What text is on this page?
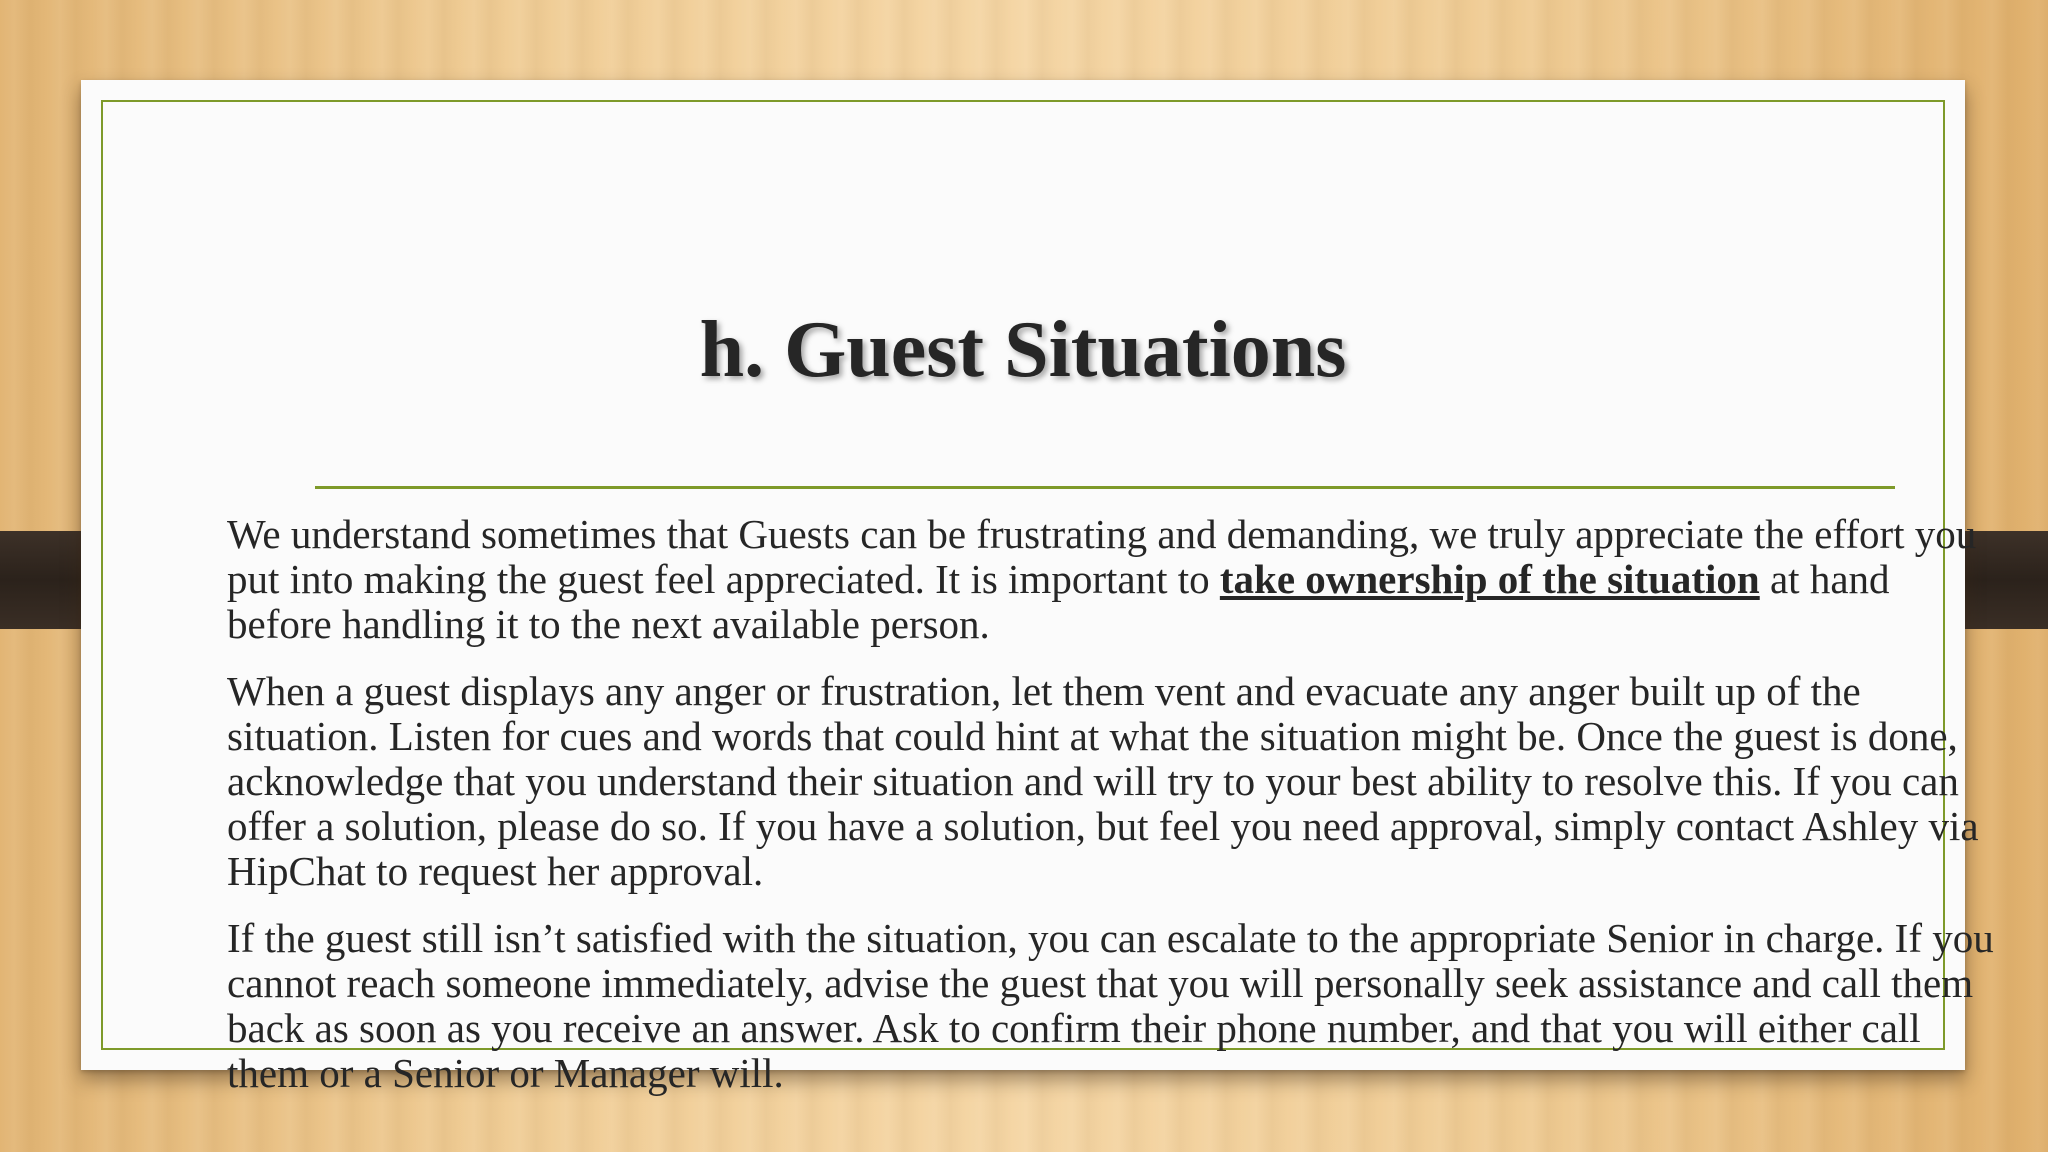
h. Guest Situations

We understand sometimes that Guests can be frustrating and demanding, we truly appreciate the effort you put into making the guest feel appreciated. It is important to take ownership of the situation at hand before handling it to the next available person.

When a guest displays any anger or frustration, let them vent and evacuate any anger built up of the situation. Listen for cues and words that could hint at what the situation might be. Once the guest is done, acknowledge that you understand their situation and will try to your best ability to resolve this. If you can offer a solution, please do so. If you have a solution, but feel you need approval, simply contact Ashley via HipChat to request her approval.

If the guest still isn’t satisfied with the situation, you can escalate to the appropriate Senior in charge. If you cannot reach someone immediately, advise the guest that you will personally seek assistance and call them back as soon as you receive an answer. Ask to confirm their phone number, and that you will either call them or a Senior or Manager will.
